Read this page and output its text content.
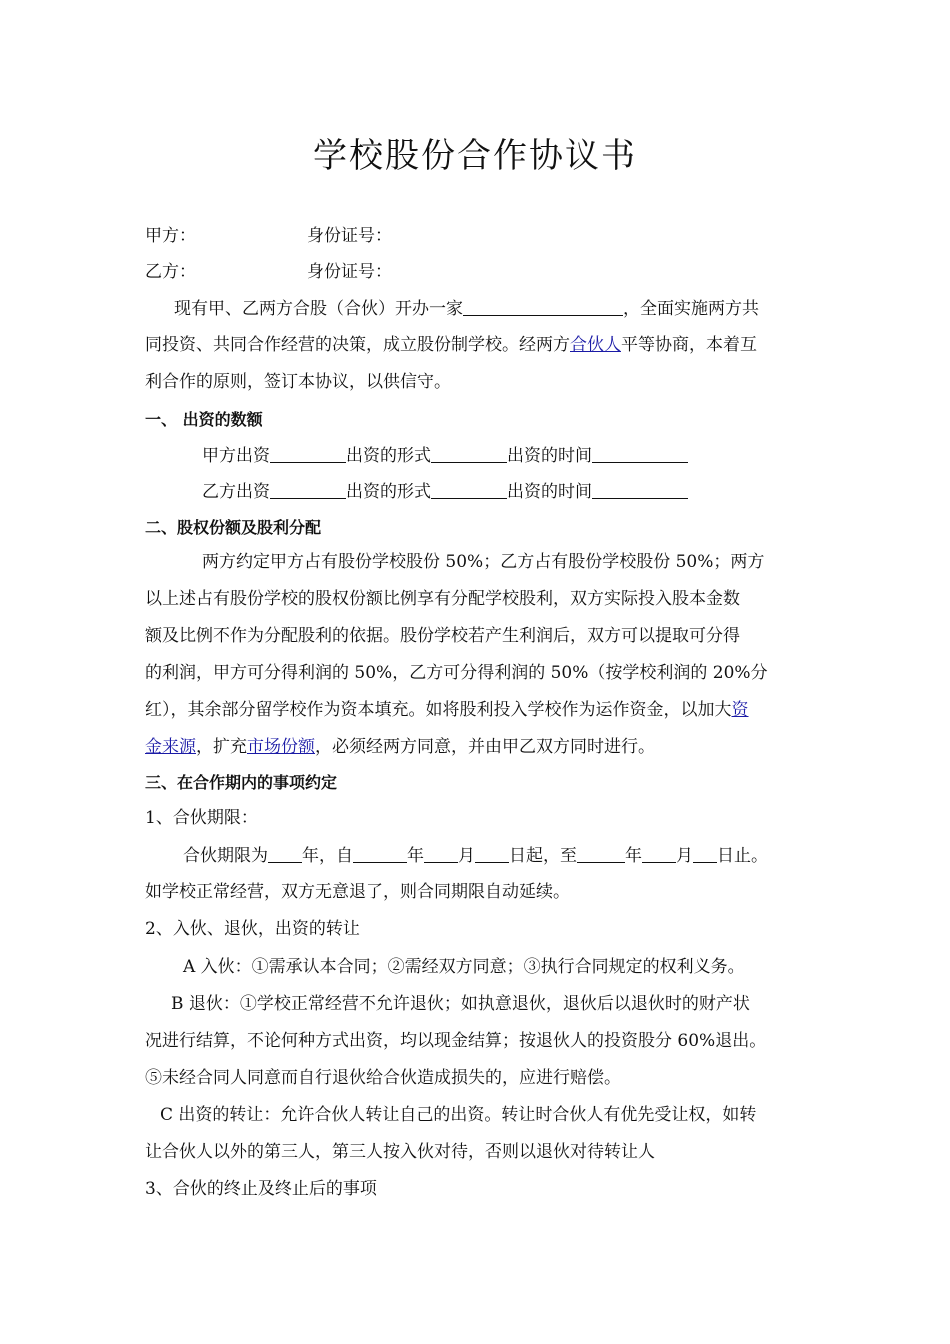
学校股份合作协议书
甲方：	身份证号：
乙方：	身份证号：
现有甲、乙两方合股（合伙）开办一家	，全面实施两方共
同投资、共同合作经营的决策，成立股份制学校。经两方合伙人平等协商，本着互
利合作的原则，签订本协议，以供信守。
一、 出资的数额
甲方出资	出资的形式	出资的时间
乙方出资	出资的形式	出资的时间
二、股权份额及股利分配
两方约定甲方占有股份学校股份 50%；乙方占有股份学校股份 50%；两方
以上述占有股份学校的股权份额比例享有分配学校股利，双方实际投入股本金数
额及比例不作为分配股利的依据。股份学校若产生利润后，双方可以提取可分得
的利润，甲方可分得利润的 50%，乙方可分得利润的 50%（按学校利润的 20%分
红），其余部分留学校作为资本填充。如将股利投入学校作为运作资金，以加大资
金来源，扩充市场份额，必须经两方同意，并由甲乙双方同时进行。
三、在合作期内的事项约定
1、合伙期限：
合伙期限为 年，自	年 月 日起，至	年 月 日止。
如学校正常经营，双方无意退了，则合同期限自动延续。
2、入伙、退伙，出资的转让
A 入伙：①需承认本合同；②需经双方同意；③执行合同规定的权利义务。
B 退伙：①学校正常经营不允许退伙；如执意退伙，退伙后以退伙时的财产状
况进行结算，不论何种方式出资，均以现金结算；按退伙人的投资股分 60%退出。
⑤未经合同人同意而自行退伙给合伙造成损失的，应进行赔偿。
C 出资的转让：允许合伙人转让自己的出资。转让时合伙人有优先受让权，如转
让合伙人以外的第三人，第三人按入伙对待，否则以退伙对待转让人
3、合伙的终止及终止后的事项
